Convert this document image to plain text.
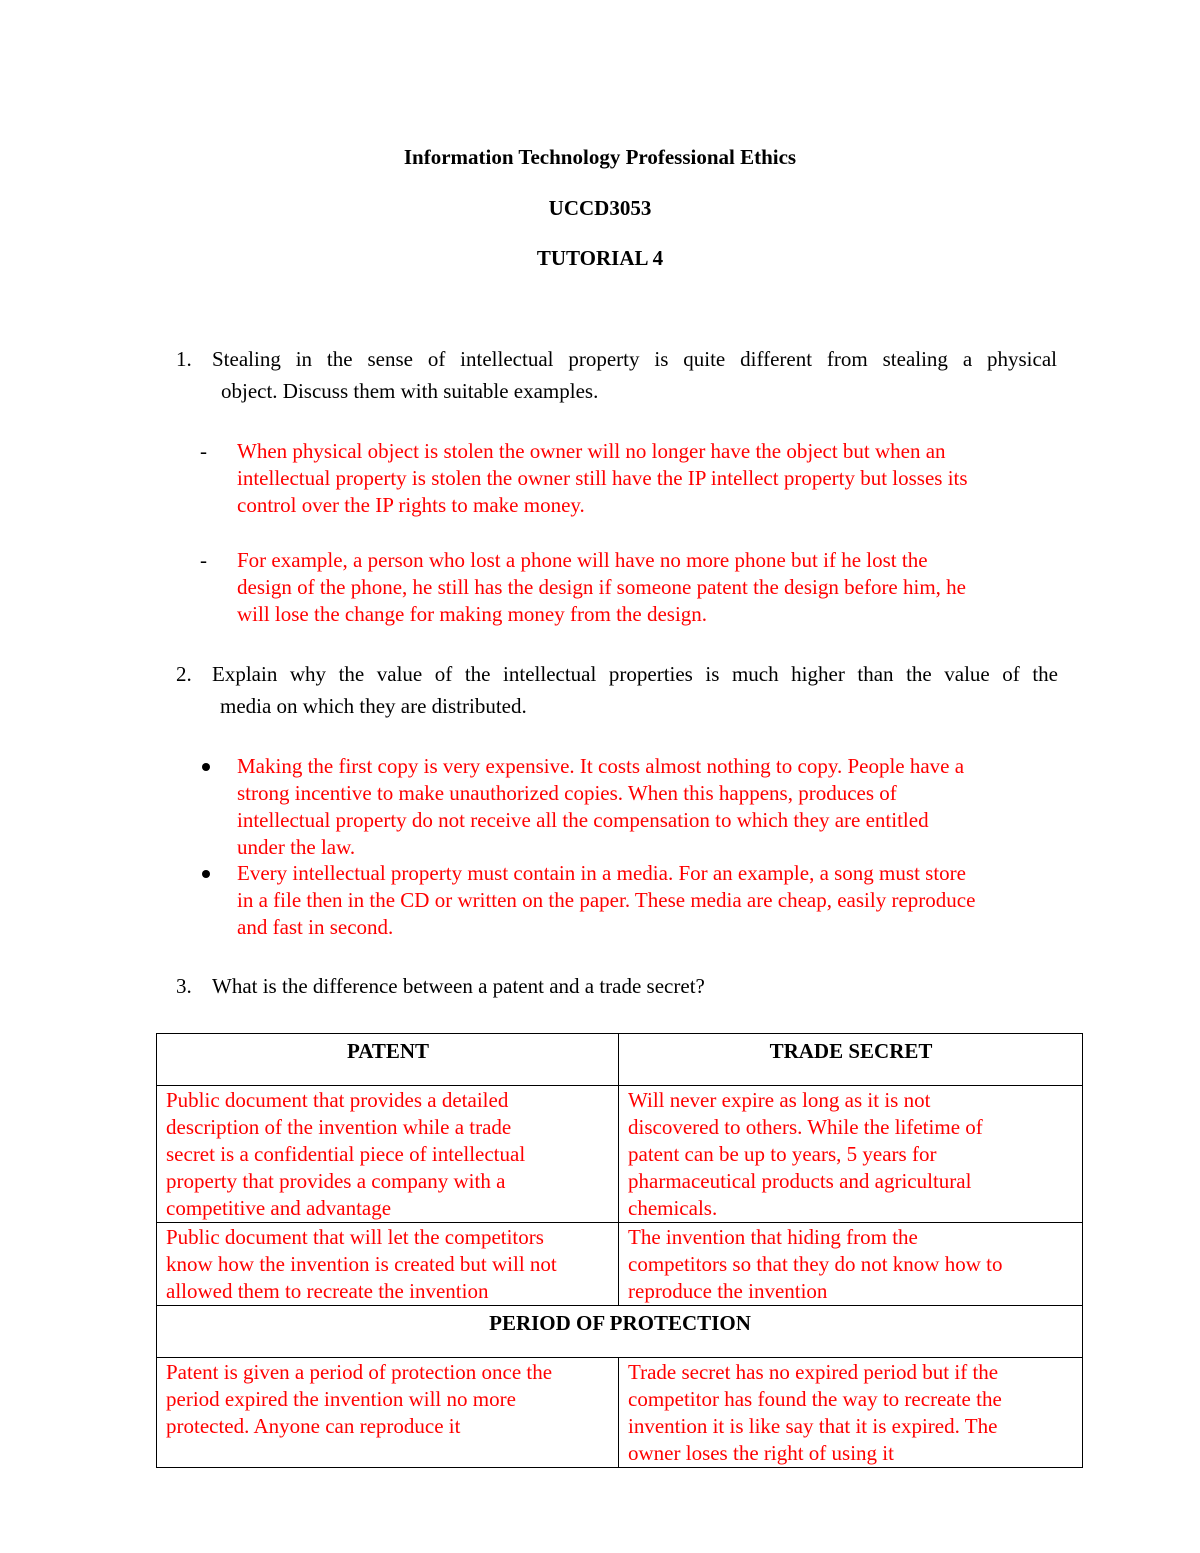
Information Technology Professional Ethics
UCCD3053
TUTORIAL 4
1. Stealing in the sense of intellectual property is quite different from stealing a physical
object. Discuss them with suitable examples.
- When physical object is stolen the owner will no longer have the object but when an
intellectual property is stolen the owner still have the IP intellect property but losses its
control over the IP rights to make money.
- For example, a person who lost a phone will have no more phone but if he lost the
design of the phone, he still has the design if someone patent the design before him, he
will lose the change for making money from the design.
2. Explain why the value of the intellectual properties is much higher than the value of the
media on which they are distributed.
Making the first copy is very expensive. It costs almost nothing to copy. People have a
strong incentive to make unauthorized copies. When this happens, produces of
intellectual property do not receive all the compensation to which they are entitled
under the law.
Every intellectual property must contain in a media. For an example, a song must store
in a file then in the CD or written on the paper. These media are cheap, easily reproduce
and fast in second.
3. What is the difference between a patent and a trade secret?
PATENT	TRADE SECRET

Public document that provides a detailed
description of the invention while a trade
secret is a confidential piece of intellectual
property that provides a company with a
competitive and advantage	Will never expire as long as it is not
discovered to others. While the lifetime of
patent can be up to years, 5 years for
pharmaceutical products and agricultural
chemicals.

Public document that will let the competitors
know how the invention is created but will not
allowed them to recreate the invention	The invention that hiding from the
competitors so that they do not know how to
reproduce the invention

PERIOD OF PROTECTION	

Patent is given a period of protection once the
period expired the invention will no more
protected. Anyone can reproduce it	Trade secret has no expired period but if the
competitor has found the way to recreate the
invention it is like say that it is expired. The
owner loses the right of using it
